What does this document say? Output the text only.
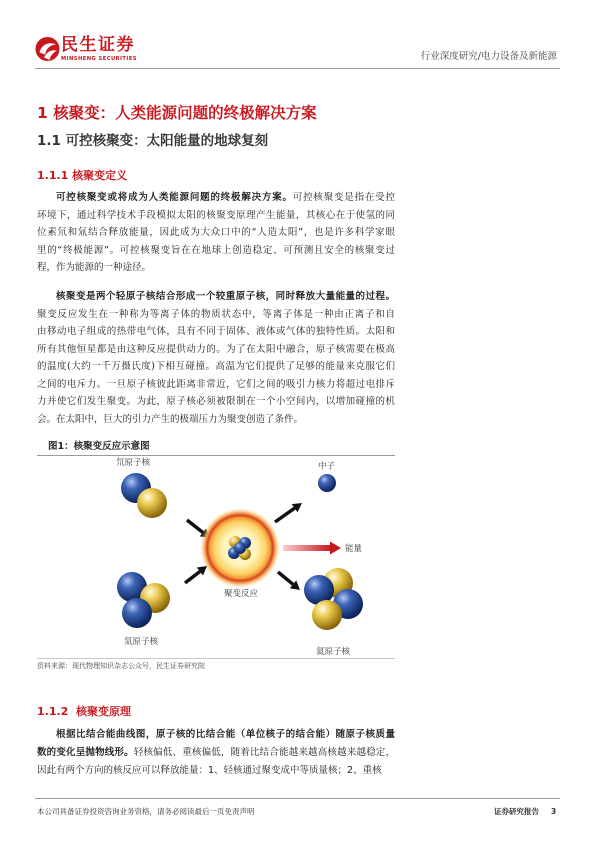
民生证券
MINSHENG SECURITIES	行业深度研究/电力设备及新能源
1 核聚变：人类能源问题的终极解决方案
1.1 可控核聚变：太阳能量的地球复刻
1.1.1 核聚变定义
可控核聚变或将成为人类能源问题的终极解决方案。可控核聚变是指在受控
环境下，通过科学技术手段模拟太阳的核聚变原理产生能量，其核心在于使氢的同
位素氘和氚结合释放能量，因此成为大众口中的“人造太阳”，也是许多科学家眼
里的“终极能源”。可控核聚变旨在在地球上创造稳定、可预测且安全的核聚变过
程，作为能源的一种途径。
核聚变是两个轻原子核结合形成一个较重原子核，同时释放大量能量的过程。
聚变反应发生在一种称为等离子体的物质状态中，等离子体是一种由正离子和自
由移动电子组成的热带电气体，具有不同于固体、液体或气体的独特性质。太阳和
所有其他恒星都是由这种反应提供动力的。为了在太阳中融合，原子核需要在极高
的温度(大约一千万摄氏度)下相互碰撞。高温为它们提供了足够的能量来克服它们
之间的电斥力。一旦原子核彼此距离非常近，它们之间的吸引力核力将超过电排斥
力并使它们发生聚变。为此，原子核必须被限制在一个小空间内，以增加碰撞的机
会。在太阳中，巨大的引力产生的极端压力为聚变创造了条件。
图1：核聚变反应示意图
氘原子核
聚变反应
中子
能量
氚原子核
氦原子核
资料来源：现代物理知识杂志公众号，民生证券研究院
1.1.2  核聚变原理
根据比结合能曲线图，原子核的比结合能（单位核子的结合能）随原子核质量
数的变化呈抛物线形。轻核偏低、重核偏低，随着比结合能越来越高核越来越稳定，
因此有两个方向的核反应可以释放能量：1、轻核通过聚变成中等质量核；2、重核
本公司具备证券投资咨询业务资格，请务必阅读最后一页免责声明	证券研究报告 3
